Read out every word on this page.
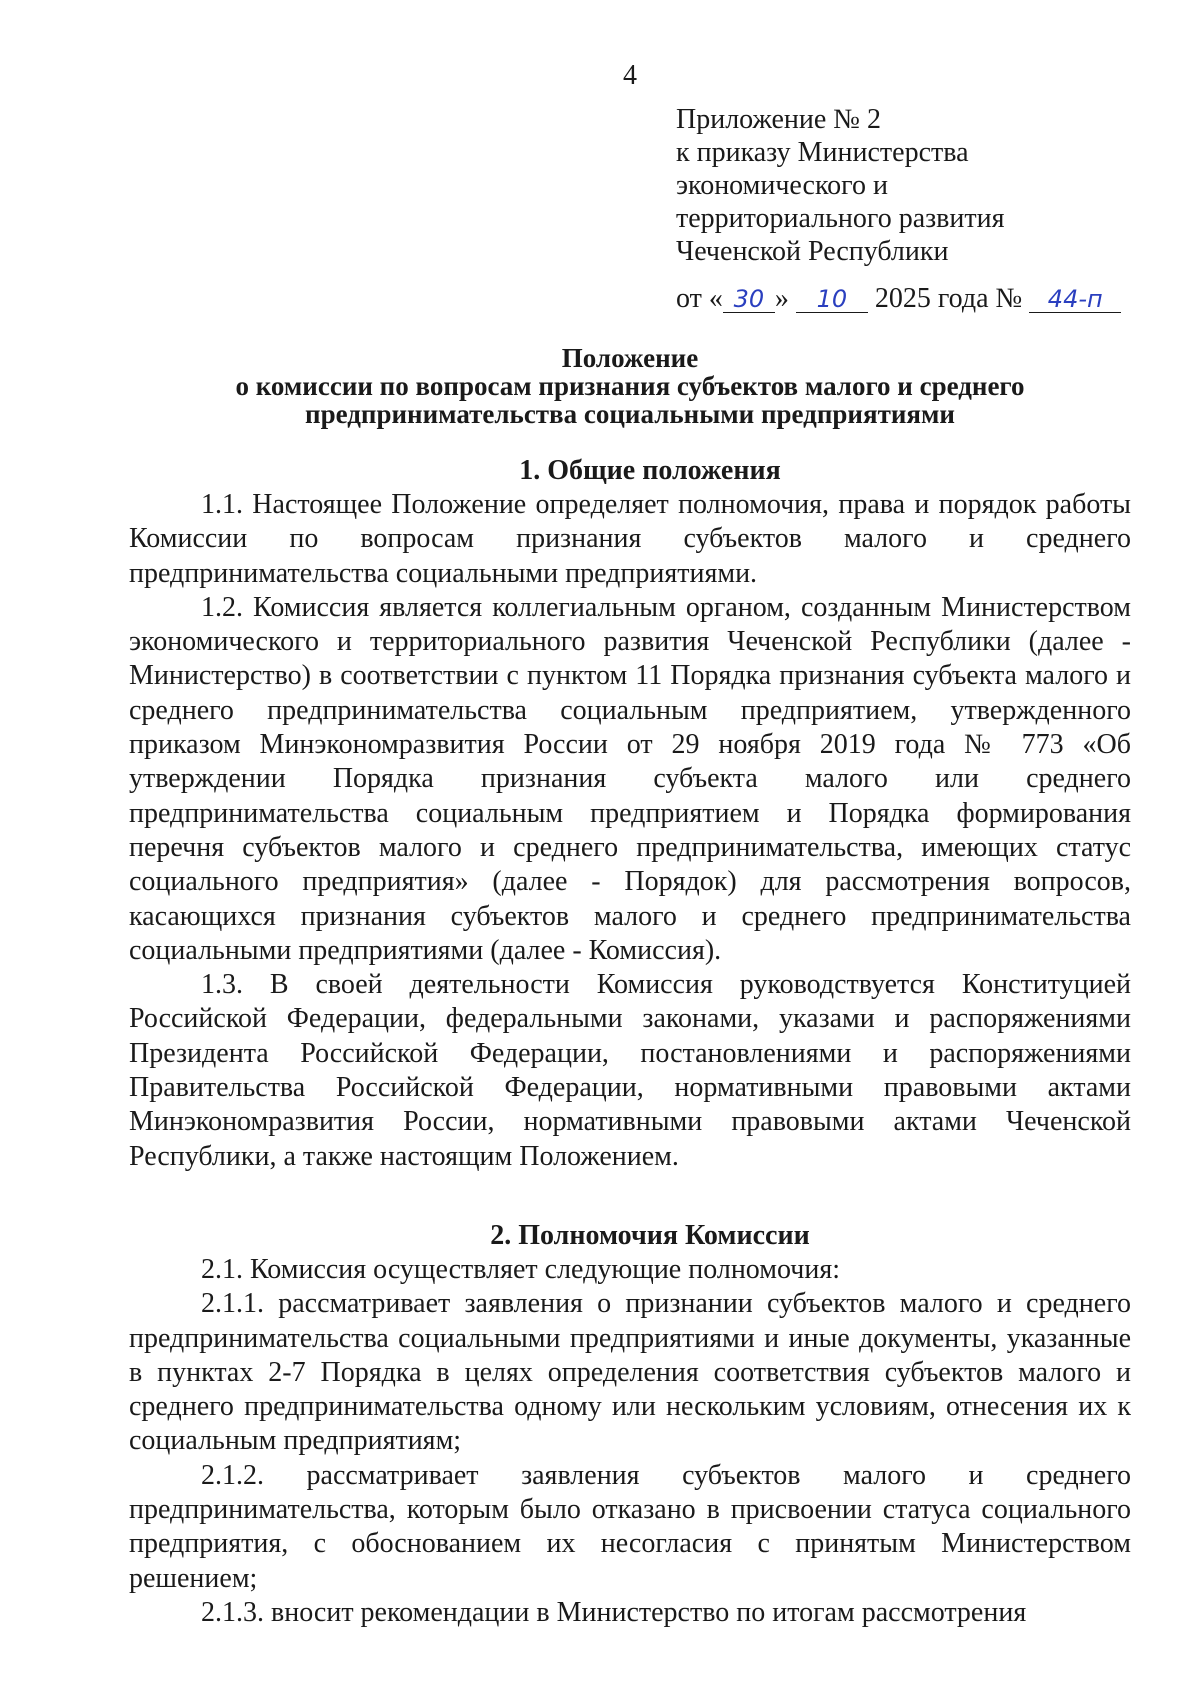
4
Приложение № 2
к приказу Министерства
экономического и
территориального развития
Чеченской Республики
от « 30 » 10 2025 года № 44-п
Положение
о комиссии по вопросам признания субъектов малого и среднего
предпринимательства социальными предприятиями
1. Общие положения

1.1. Настоящее Положение определяет полномочия, права и порядок работы Комиссии по вопросам признания субъектов малого и среднего предпринимательства социальными предприятиями.

1.2. Комиссия является коллегиальным органом, созданным Министерством экономического и территориального развития Чеченской Республики (далее - Министерство) в соответствии с пунктом 11 Порядка признания субъекта малого и среднего предпринимательства социальным предприятием, утвержденного приказом Минэкономразвития России от 29 ноября 2019 года № 773 «Об утверждении Порядка признания субъекта малого или среднего предпринимательства социальным предприятием и Порядка формирования перечня субъектов малого и среднего предпринимательства, имеющих статус социального предприятия» (далее - Порядок) для рассмотрения вопросов, касающихся признания субъектов малого и среднего предпринимательства социальными предприятиями (далее - Комиссия).

1.3. В своей деятельности Комиссия руководствуется Конституцией Российской Федерации, федеральными законами, указами и распоряжениями Президента Российской Федерации, постановлениями и распоряжениями Правительства Российской Федерации, нормативными правовыми актами Минэкономразвития России, нормативными правовыми актами Чеченской Республики, а также настоящим Положением.

2. Полномочия Комиссии

2.1. Комиссия осуществляет следующие полномочия:

2.1.1. рассматривает заявления о признании субъектов малого и среднего предпринимательства социальными предприятиями и иные документы, указанные в пунктах 2-7 Порядка в целях определения соответствия субъектов малого и среднего предпринимательства одному или нескольким условиям, отнесения их к социальным предприятиям;

2.1.2. рассматривает заявления субъектов малого и среднего предпринимательства, которым было отказано в присвоении статуса социального предприятия, с обоснованием их несогласия с принятым Министерством решением;

2.1.3. вносит рекомендации в Министерство по итогам рассмотрения
